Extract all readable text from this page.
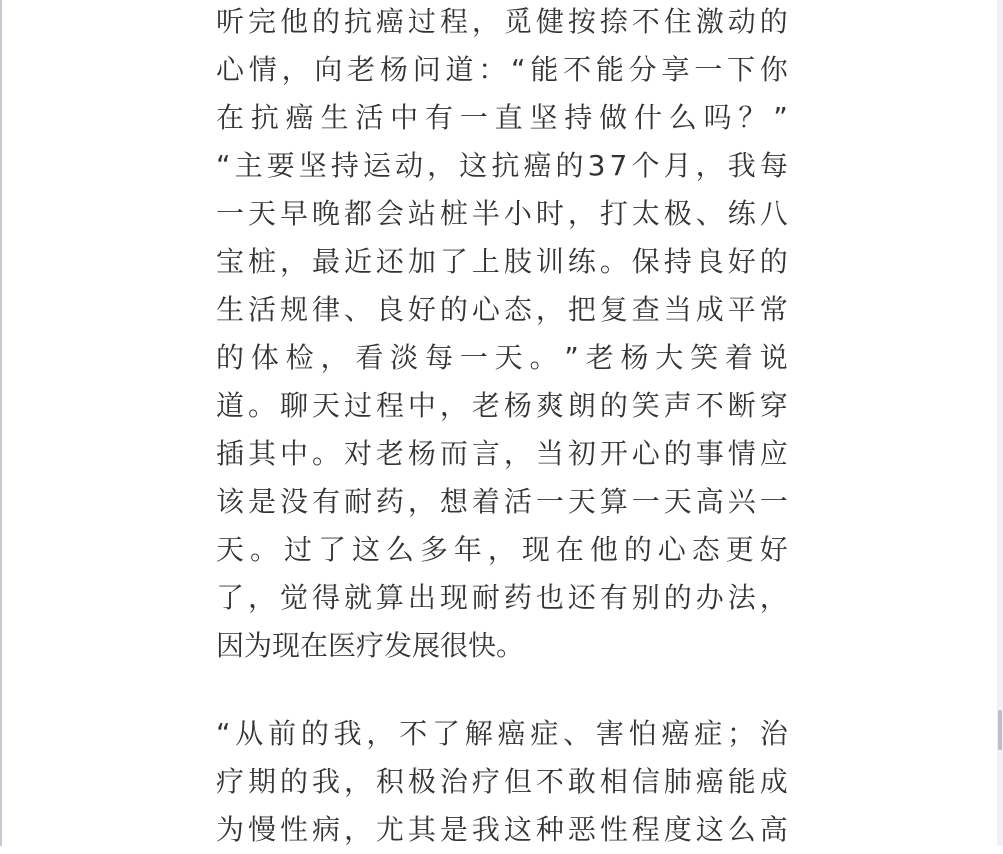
听 完 他 的 抗 癌 过 程 ， 觅 健 按 捺 不 住 激 动 的
心 情 ， 向 老 杨 问 道 ： “ 能 不 能 分 享 一 下 你
在 抗 癌 生 活 中 有 一 直 坚 持 做 什 么 吗 ？ ”
“ 主 要 坚 持 运 动 ， 这 抗 癌 的 3 7 个 月 ， 我 每
一 天 早 晚 都 会 站 桩 半 小 时 ， 打 太 极 、 练 八
宝 桩 ， 最 近 还 加 了 上 肢 训 练 。 保 持 良 好 的
生 活 规 律 、 良 好 的 心 态 ， 把 复 查 当 成 平 常
的 体 检 ， 看 淡 每 一 天 。 ” 老 杨 大 笑 着 说
道 。 聊 天 过 程 中 ， 老 杨 爽 朗 的 笑 声 不 断 穿
插 其 中 。 对 老 杨 而 言 ， 当 初 开 心 的 事 情 应
该 是 没 有 耐 药 ， 想 着 活 一 天 算 一 天 高 兴 一
天 。 过 了 这 么 多 年 ， 现 在 他 的 心 态 更 好
了 ， 觉 得 就 算 出 现 耐 药 也 还 有 别 的 办 法 ，
因为现在医疗发展很快。
“ 从 前 的 我 ， 不 了 解 癌 症 、 害 怕 癌 症 ； 治
疗 期 的 我 ， 积 极 治 疗 但 不 敢 相 信 肺 癌 能 成
为 慢 性 病 ， 尤 其 是 我 这 种 恶 性 程 度 这 么 高
